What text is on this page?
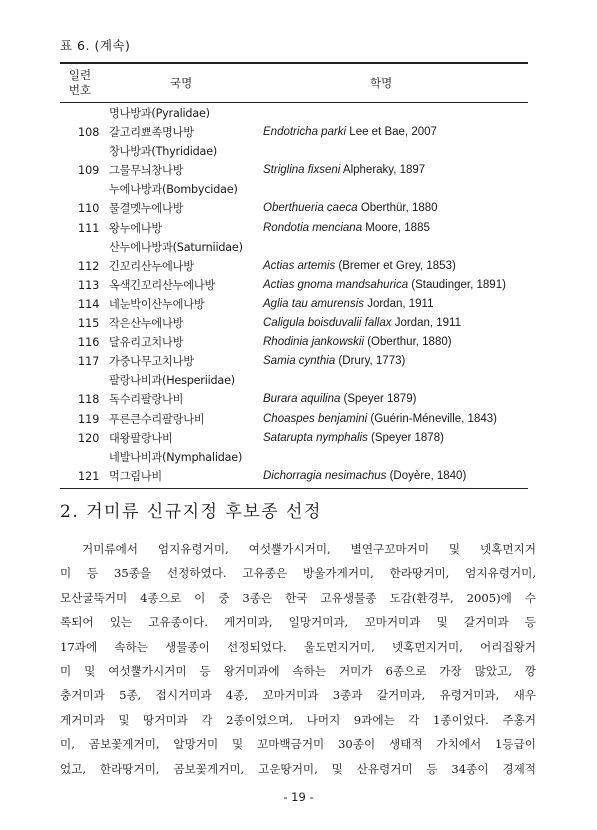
표 6. (계속)
일련
번호	국명	학명
명나방과(Pyralidae)
108 갈고리뾰족명나방	Endotricha parki Lee et Bae, 2007
창나방과(Thyrididae)
109 그물무늬창나방	Striglina fixseni Alpheraky, 1897
누에나방과(Bombycidae)
110 물결멧누에나방	Oberthueria caeca Oberthür, 1880
111 왕누에나방	Rondotia menciana Moore, 1885
산누에나방과(Saturniidae)
112 긴꼬리산누에나방	Actias artemis (Bremer et Grey, 1853)
113 옥색긴꼬리산누에나방	Actias gnoma mandsahurica (Staudinger, 1891)
114 네눈박이산누에나방	Aglia tau amurensis Jordan, 1911
115 작은산누에나방	Caligula boisduvalii fallax Jordan, 1911
116 달유리고치나방	Rhodinia jankowskii (Oberthur, 1880)
117 가중나무고치나방	Samia cynthia (Drury, 1773)
팔랑나비과(Hesperiidae)
118 독수리팔랑나비	Burara aquilina (Speyer 1879)
119 푸른큰수리팔랑나비	Choaspes benjamini (Guérin-Méneville, 1843)
120 대왕팔랑나비	Satarupta nymphalis (Speyer 1878)
네발나비과(Nymphalidae)
121 먹그림나비	Dichorragia nesimachus (Doyère, 1840)
2. 거미류 신규지정 후보종 선정
거미류에서 엄지유령거미, 여섯뿔가시거미, 별연구꼬마거미 및 넷혹먼지거
미 등 35종을 선정하였다. 고유종은 방울가게거미, 한라땅거미, 엄지유령거미,
모산굴뚝거미 4종으로 이 중 3종은 한국 고유생물종 도감(환경부, 2005)에 수
록되어 있는 고유종이다. 게거미과, 일망거미과, 꼬마거미과 및 갈거미과 등
17과에 속하는 생물종이 선정되었다. 울도먼지거미, 넷혹먼지거미, 어리집왕거
미 및 여섯뿔가시거미 등 왕거미과에 속하는 거미가 6종으로 가장 많았고, 깡
충거미과 5종, 접시거미과 4종, 꼬마거미과 3종과 갈거미과, 유령거미과, 새우
게거미과 및 땅거미과 각 2종이었으며, 나머지 9과에는 각 1종이었다. 주홍거
미, 곰보꽃게거미, 알망거미 및 꼬마백금거미 30종이 생태적 가치에서 1등급이
었고, 한라땅거미, 곰보꽃게거미, 고운땅거미, 및 산유령거미 등 34종이 경제적
- 19 -
